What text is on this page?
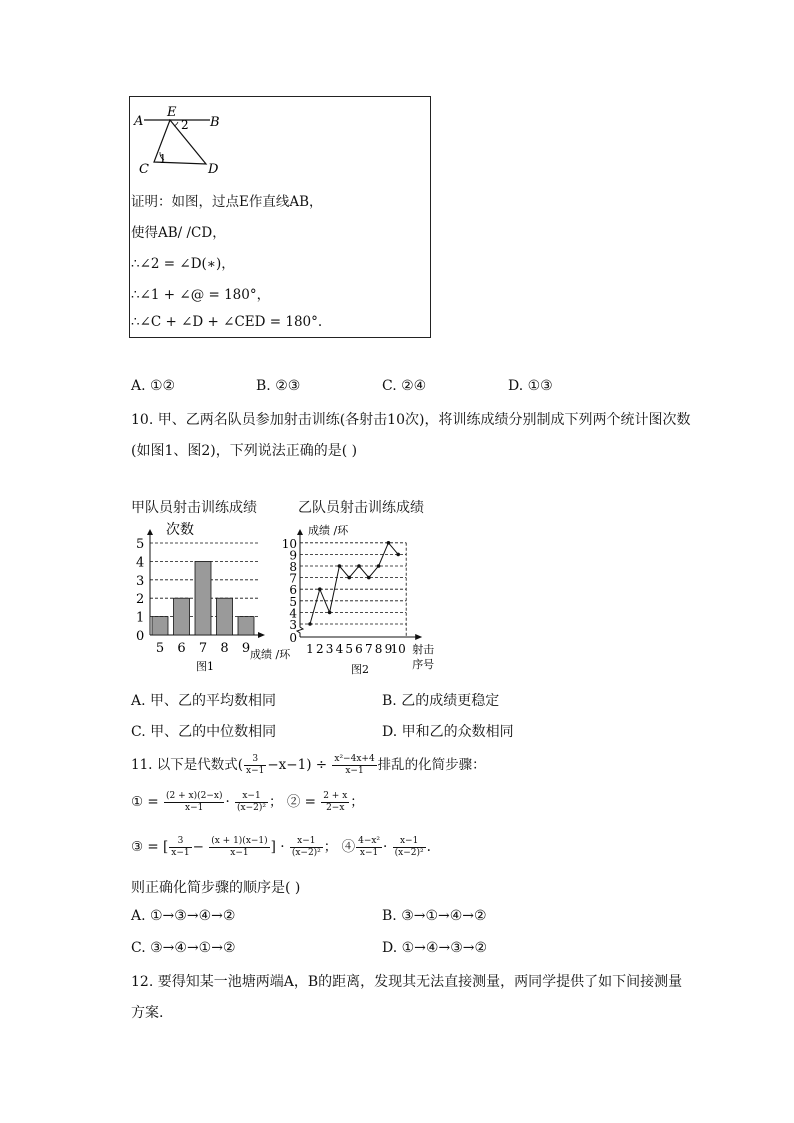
A
E
B
C	D
1
2
证明：如图，过点E作直线AB，
使得AB/ /CD，
∴∠2 = ∠D(∗)，
∴∠1 + ∠@ = 180°，
∴∠C + ∠D + ∠CED = 180°.
A. ①②	B. ②③	C. ②④	D. ①③
10. 甲、乙两名队员参加射击训练(各射击10次)，将训练成绩分别制成下列两个统计图次数
(如图1、图2)，下列说法正确的是( )
甲队员射击训练成绩	乙队员射击训练成绩
0
1
2
3
4
5
次数
5 6 7 8 9 成绩 /环
图1
0
3
4
5
6
7
8
9
10
成绩 /环
1 2 3 4 5 6 7 8 9
10 射击
序号
图2
A. 甲、乙的平均数相同	B. 乙的成绩更稳定
C. 甲、乙的中位数相同	D. 甲和乙的众数相同
11. 以下是代数式( $\frac{3}{x-1} -x-1) \div \frac{\text{x²−4x+4}}{x-1}$ 排乱的化简步骤：
① = $\frac{(2 + x)(2-x)}{x-1} \cdot \frac{x-1}{\text{(x−2)²}}$ ； ② = $\frac{2 + x}{2-x}$ ；
③ = [ $\frac{3}{x-1} - \frac{(x + 1)(x-1)}{x-1}$ ] · $\frac{x-1}{\text{(x−2)²}}$ ； ④ $\frac{\text{4−x²}}{x-1} \cdot \frac{x-1}{\text{(x−2)²}}$ .
则正确化简步骤的顺序是( )
A. ①→③→④→②	B. ③→①→④→②
C. ③→④→①→②	D. ①→④→③→②
12. 要得知某一池塘两端A，B的距离，发现其无法直接测量，两同学提供了如下间接测量
方案.
